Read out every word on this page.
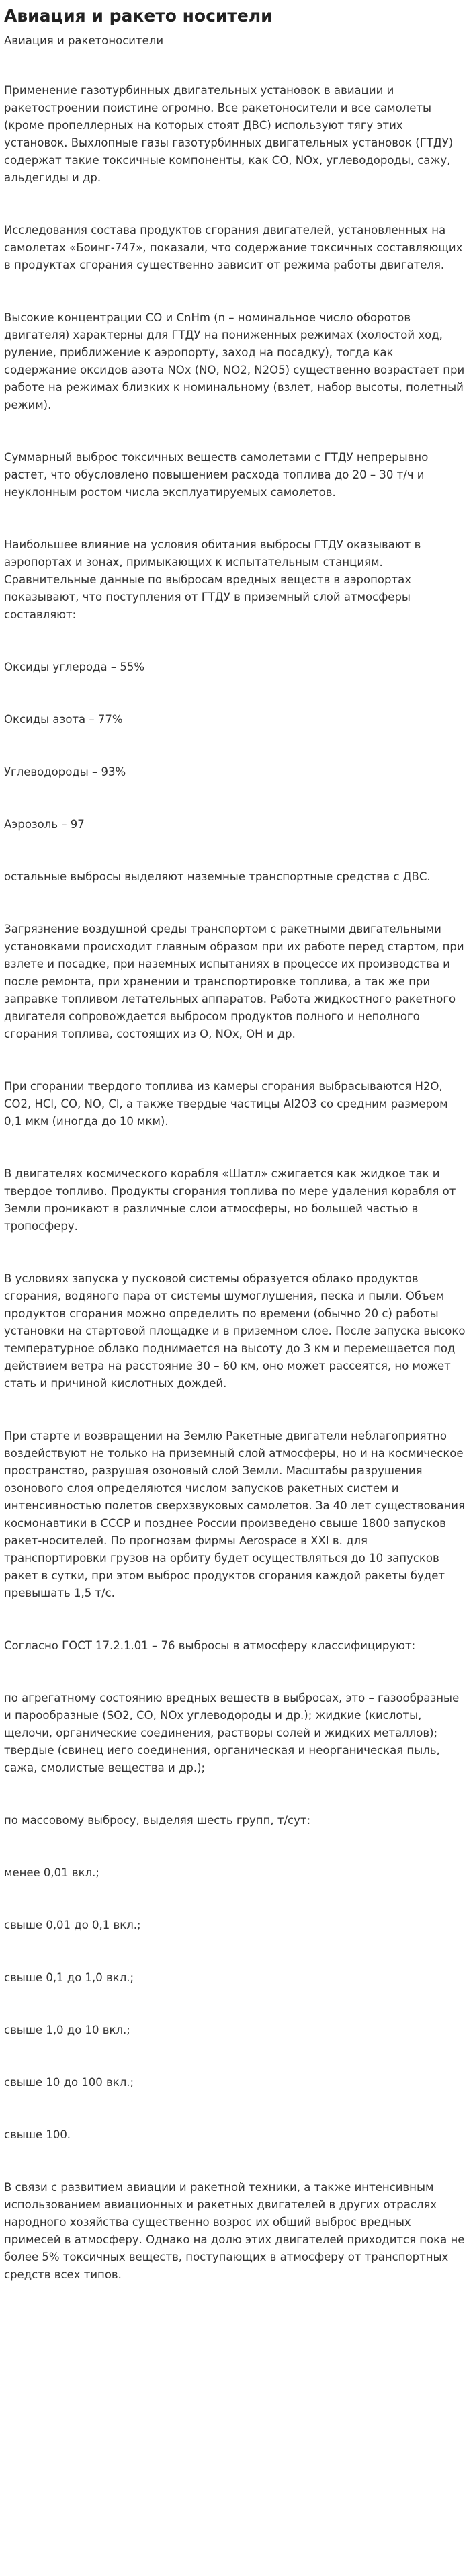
Авиация и ракето носители
Авиация и ракетоносители

Применение газотурбинных двигательных установок в авиации и ракетостроении поистине огромно. Все ракетоносители и все самолеты (кроме пропеллерных на которых стоят ДВС) используют тягу этих установок. Выхлопные газы газотурбинных двигательных установок (ГТДУ) содержат такие токсичные компоненты, как СО, NOх, углеводороды, сажу, альдегиды и др.

Исследования состава продуктов сгорания двигателей, установленных на самолетах «Боинг-747», показали, что содержание токсичных составляющих в продуктах сгорания существенно зависит от режима работы двигателя.

Высокие концентрации СО и CnHm (n – номинальное число оборотов двигателя) характерны для ГТДУ на пониженных режимах (холостой ход, руление, приближение к аэропорту, заход на посадку), тогда как содержание оксидов азота NOx (NO, NO2, N2O5) существенно возрастает при работе на режимах близких к номинальному (взлет, набор высоты, полетный режим).

Суммарный выброс токсичных веществ самолетами с ГТДУ непрерывно растет, что обусловлено повышением расхода топлива до 20 – 30 т/ч и неуклонным ростом числа эксплуатируемых самолетов.

Наибольшее влияние на условия обитания выбросы ГТДУ оказывают в аэропортах и зонах, примыкающих к испытательным станциям. Сравнительные данные по выбросам вредных веществ в аэропортах показывают, что поступления от ГТДУ в приземный слой атмосферы составляют:

Оксиды углерода – 55%

Оксиды азота – 77%

Углеводороды – 93%

Аэрозоль – 97

остальные выбросы выделяют наземные транспортные средства с ДВС.

Загрязнение воздушной среды транспортом с ракетными двигательными установками происходит главным образом при их работе перед стартом, при взлете и посадке, при наземных испытаниях в процессе их производства и после ремонта, при хранении и транспортировке топлива, а так же при заправке топливом летательных аппаратов. Работа жидкостного ракетного двигателя сопровождается выбросом продуктов полного и неполного сгорания топлива, состоящих из О, NOx, OH и др.

При сгорании твердого топлива из камеры сгорания выбрасываются H2O, CO2, HCl, CO, NO, Cl, а также твердые частицы Al2O3 со средним размером 0,1 мкм (иногда до 10 мкм).

В двигателях космического корабля «Шатл» сжигается как жидкое так и твердое топливо. Продукты сгорания топлива по мере удаления корабля от Земли проникают в различные слои атмосферы, но большей частью в тропосферу.

В условиях запуска у пусковой системы образуется облако продуктов сгорания, водяного пара от системы шумоглушения, песка и пыли. Объем продуктов сгорания можно определить по времени (обычно 20 с) работы установки на стартовой площадке и в приземном слое. После запуска высоко температурное облако поднимается на высоту до 3 км и перемещается под действием ветра на расстояние 30 – 60 км, оно может рассеятся, но может стать и причиной кислотных дождей.

При старте и возвращении на Землю Ракетные двигатели неблагоприятно воздействуют не только на приземный слой атмосферы, но и на космическое пространство, разрушая озоновый слой Земли. Масштабы разрушения озонового слоя определяются числом запусков ракетных систем и интенсивностью полетов сверхзвуковых самолетов. За 40 лет существования космонавтики в СССР и позднее России произведено свыше 1800 запусков ракет-носителей. По прогнозам фирмы Aerospace в XXI в. для транспортировки грузов на орбиту будет осуществляться до 10 запусков ракет в сутки, при этом выброс продуктов сгорания каждой ракеты будет превышать 1,5 т/с.

Согласно ГОСТ 17.2.1.01 – 76 выбросы в атмосферу классифицируют:

по агрегатному состоянию вредных веществ в выбросах, это – газообразные и парообразные (SO2, CO, NOx углеводороды и др.); жидкие (кислоты, щелочи, органические соединения, растворы солей и жидких металлов); твердые (свинец иего соединения, органическая и неорганическая пыль, сажа, смолистые вещества и др.);

по массовому выбросу, выделяя шесть групп, т/сут:

менее 0,01 вкл.;

свыше 0,01 до 0,1 вкл.;

свыше 0,1 до 1,0 вкл.;

свыше 1,0 до 10 вкл.;

свыше 10 до 100 вкл.;

свыше 100.

В связи с развитием авиации и ракетной техники, а также интенсивным использованием авиационных и ракетных двигателей в других отраслях народного хозяйства существенно возрос их общий выброс вредных примесей в атмосферу. Однако на долю этих двигателей приходится пока не более 5% токсичных веществ, поступающих в атмосферу от транспортных средств всех типов.
